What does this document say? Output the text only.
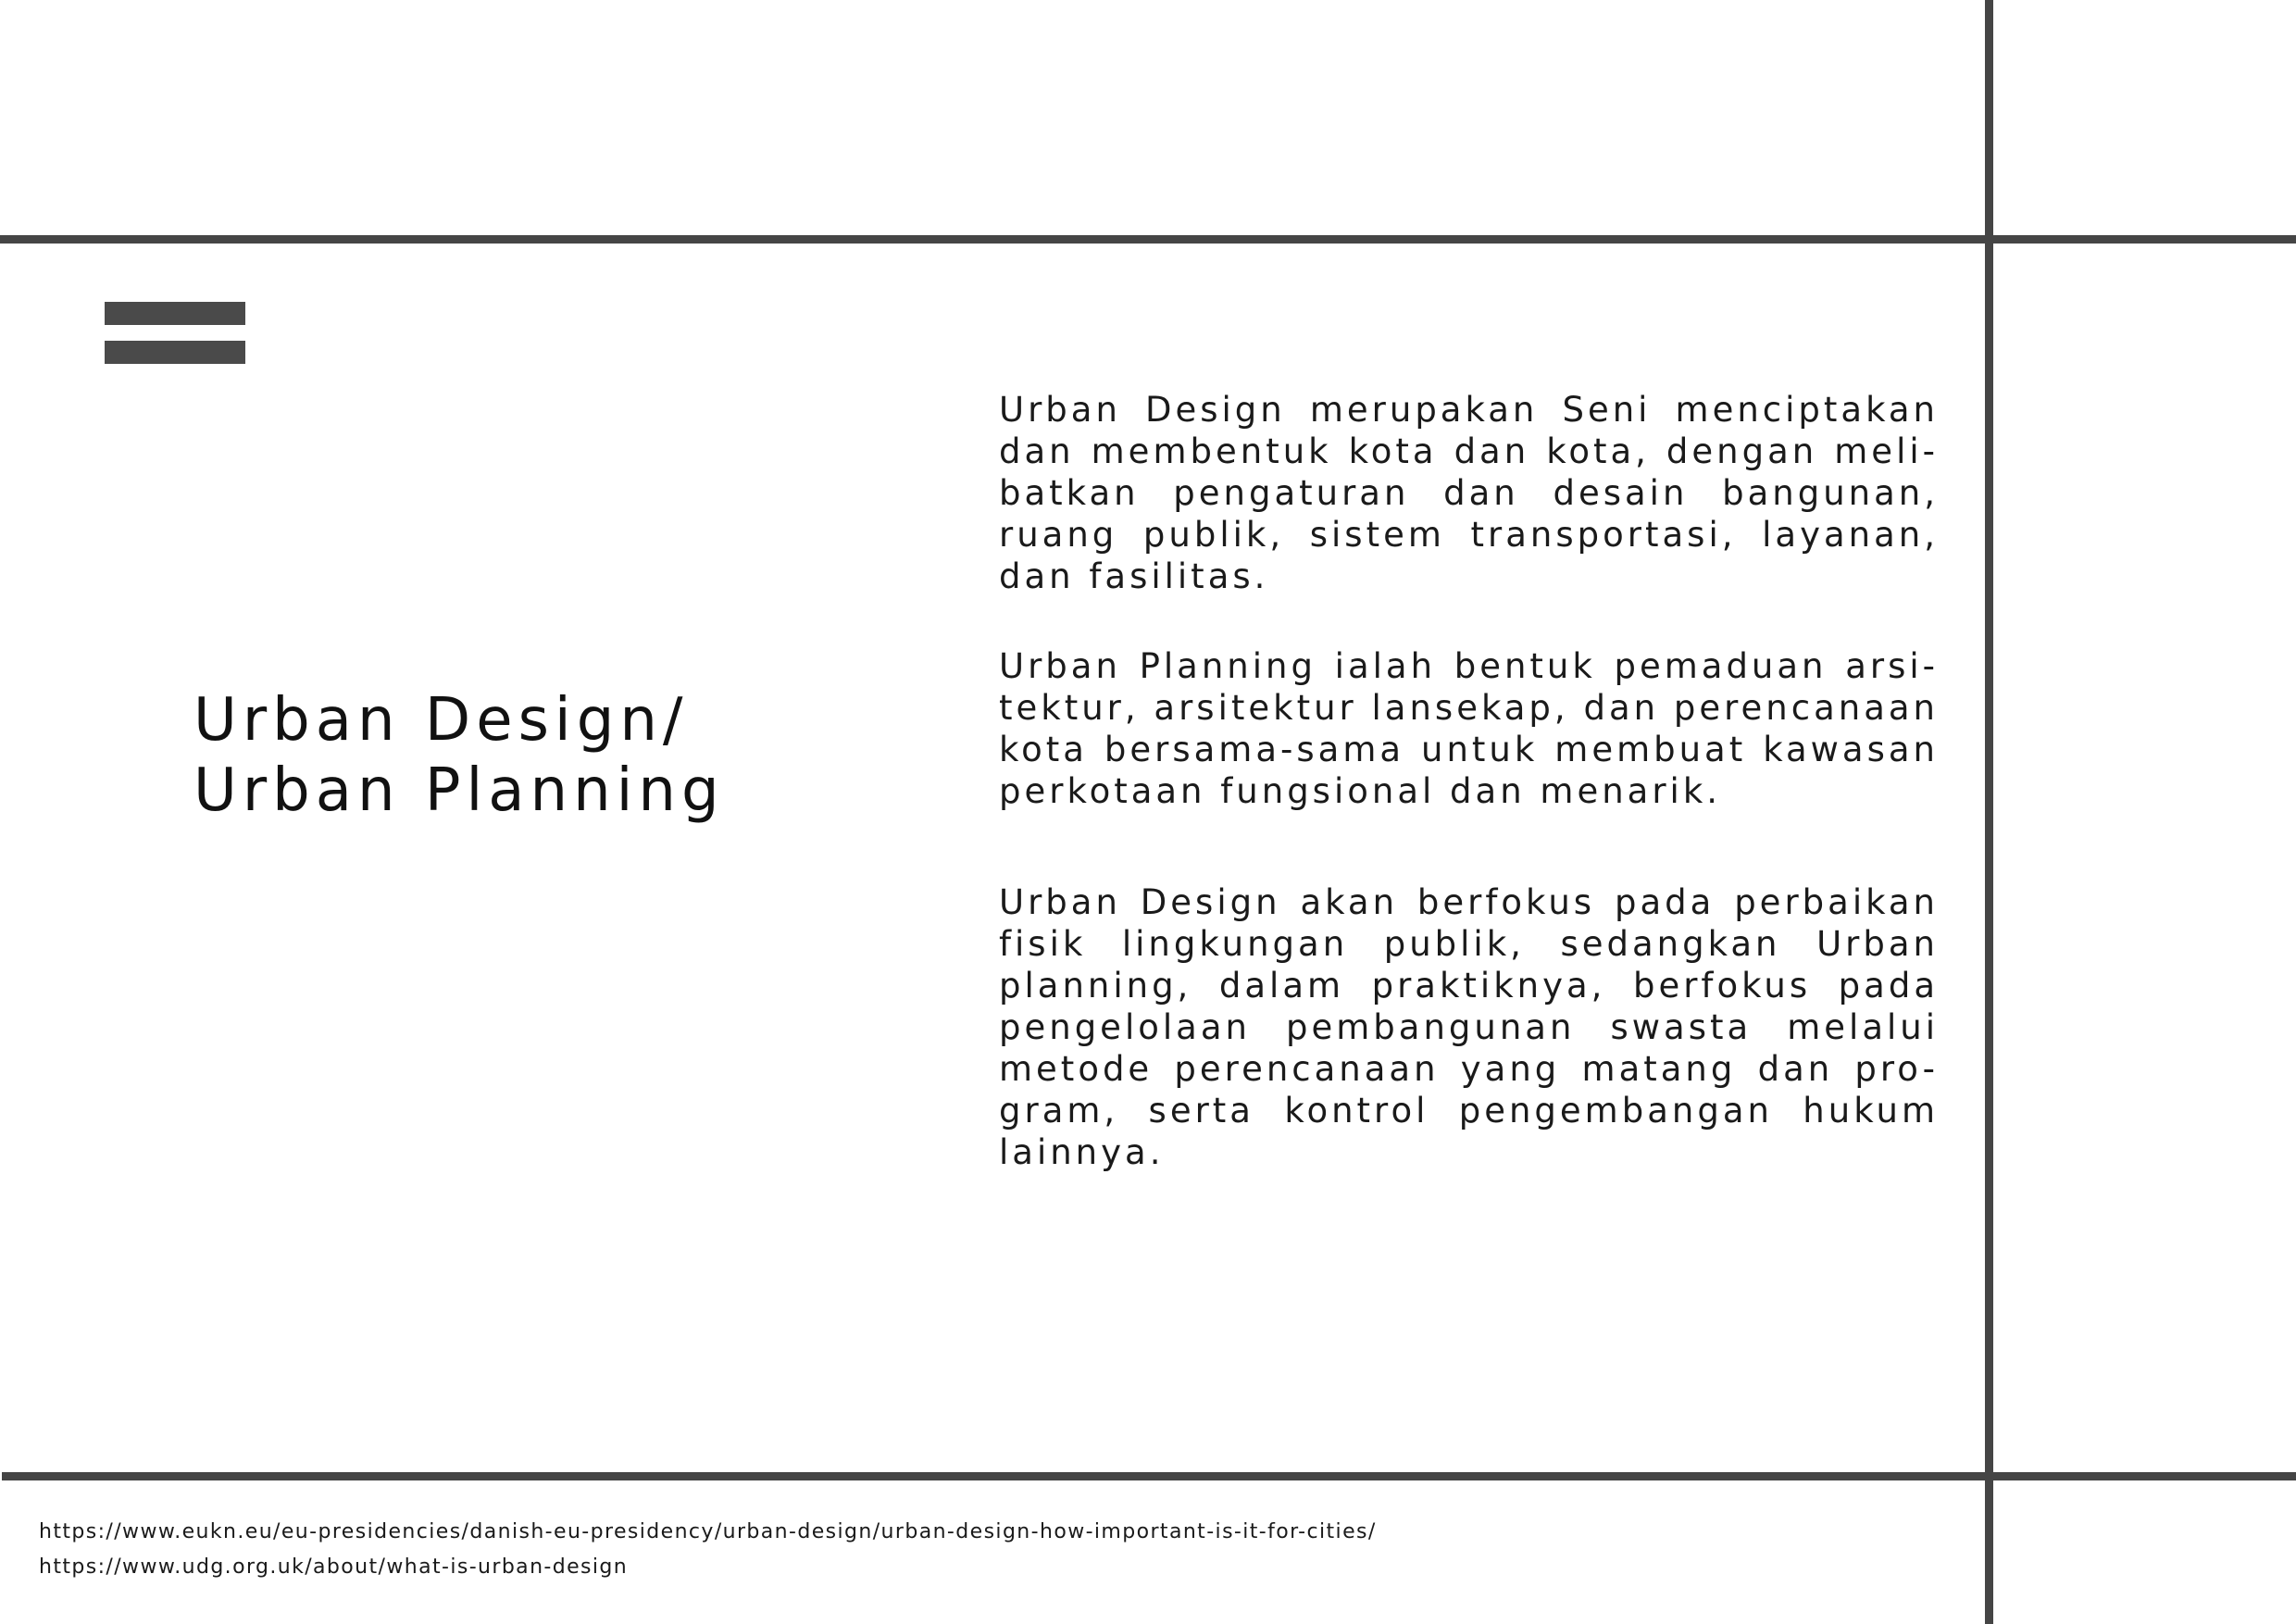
Urban Design/
Urban Planning

Urban Design merupakan Seni menciptakan dan membentuk kota dan kota, dengan meli-batkan pengaturan dan desain bangunan, ruang publik, sistem transportasi, layanan, dan fasilitas.

Urban Planning ialah bentuk pemaduan arsi-tektur, arsitektur lansekap, dan perencanaan kota bersama-sama untuk membuat kawasan perkotaan fungsional dan menarik.

Urban Design akan berfokus pada perbaikan fisik lingkungan publik, sedangkan Urban planning, dalam praktiknya, berfokus pada pengelolaan pembangunan swasta melalui metode perencanaan yang matang dan pro-gram, serta kontrol pengembangan hukum lainnya.

https://www.eukn.eu/eu-presidencies/danish-eu-presidency/urban-design/urban-design-how-important-is-it-for-cities/
https://www.udg.org.uk/about/what-is-urban-design
